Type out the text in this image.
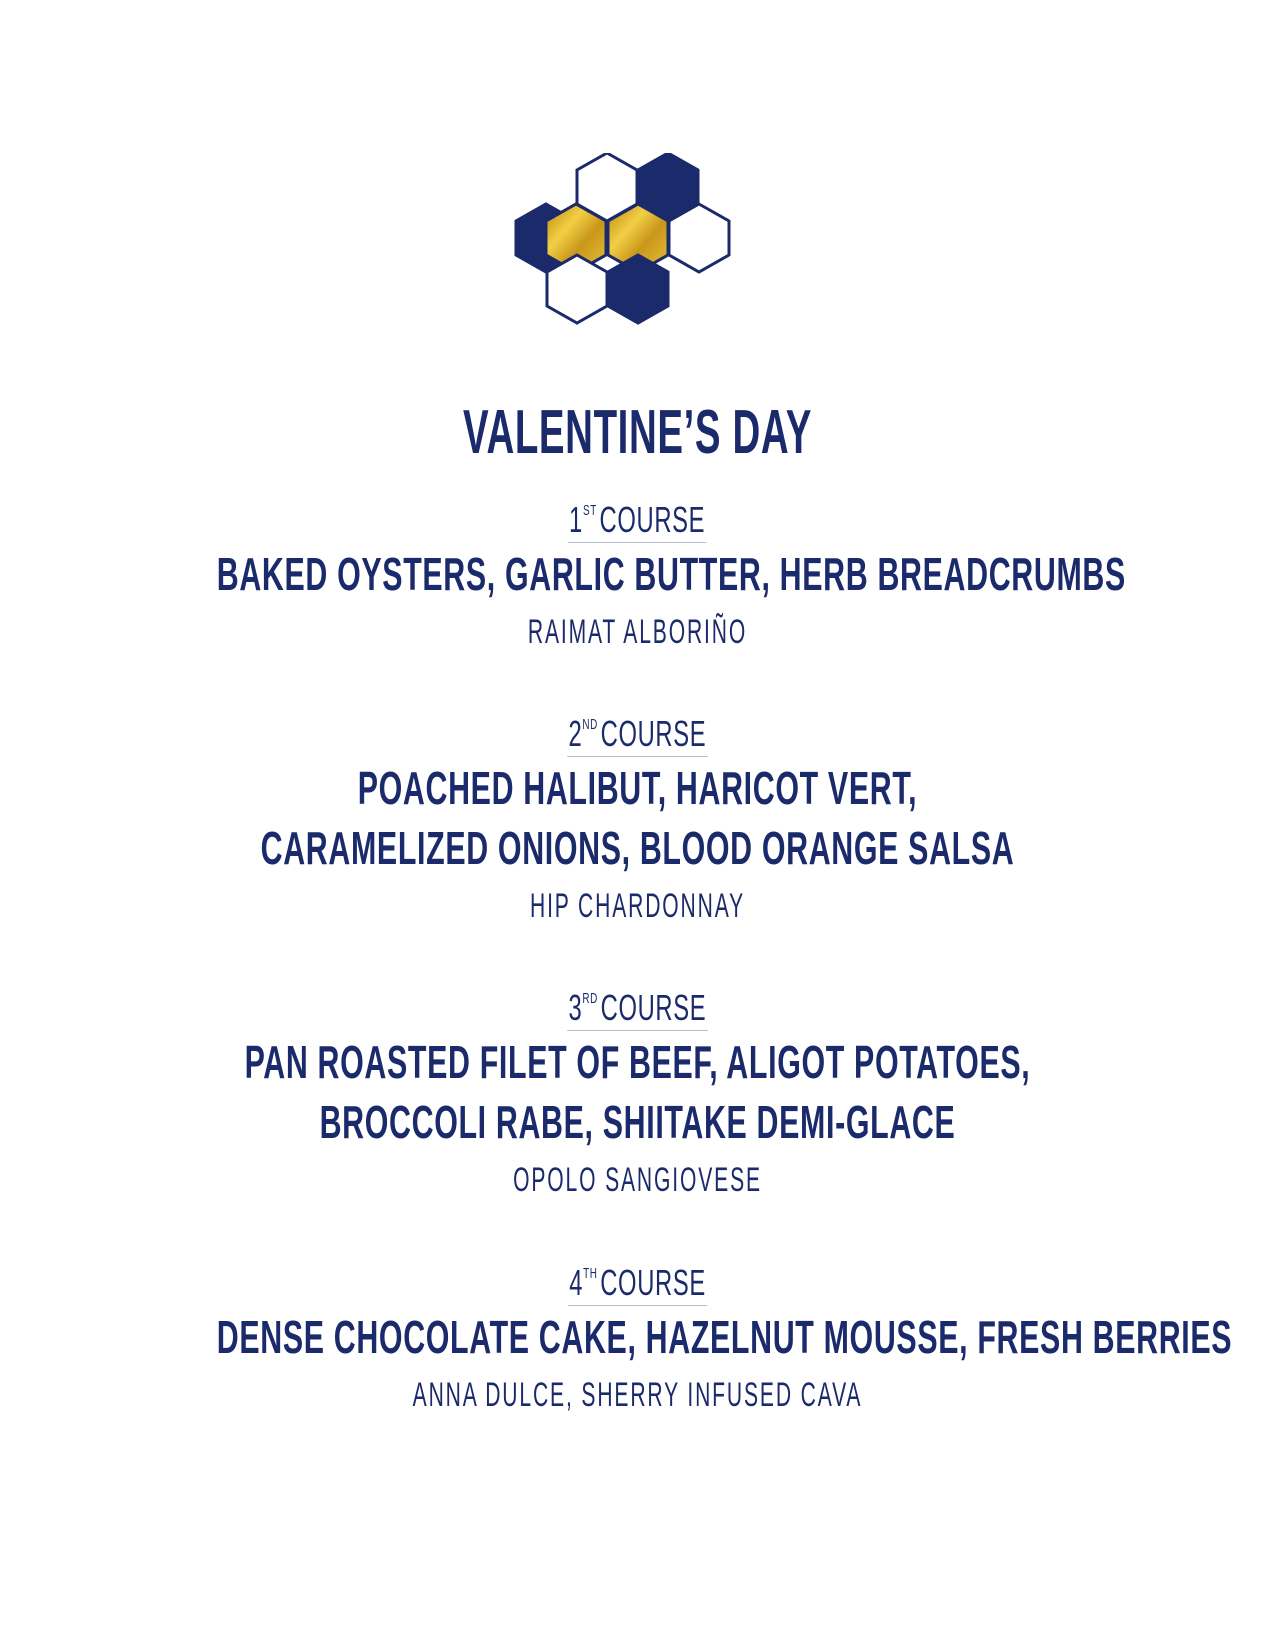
VALENTINE’S DAY
1STCOURSE
BAKED OYSTERS, GARLIC BUTTER, HERB BREADCRUMBS
RAIMAT ALBORIÑO
2NDCOURSE
POACHED HALIBUT, HARICOT VERT,
CARAMELIZED ONIONS, BLOOD ORANGE SALSA
HIP CHARDONNAY
3RDCOURSE
PAN ROASTED FILET OF BEEF, ALIGOT POTATOES,
BROCCOLI RABE, SHIITAKE DEMI-GLACE
OPOLO SANGIOVESE
4THCOURSE
DENSE CHOCOLATE CAKE, HAZELNUT MOUSSE, FRESH BERRIES
ANNA DULCE, SHERRY INFUSED CAVA
